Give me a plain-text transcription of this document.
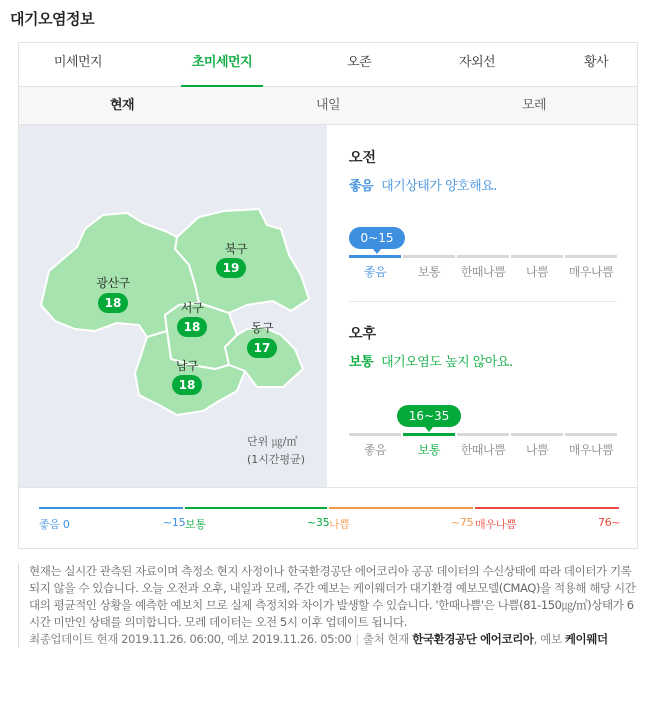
대기오염정보
미세먼지	초미세먼지	오존	자외선	황사
현재	내일	모레
북구
19
광산구
18	서구
18	동구
17
남구
18
단위 ㎍/㎥
(1시간평균)
오전
좋음 대기상태가 양호해요.
0~15
좋음	보통	한때나쁨	나쁨	매우나쁨
오후
보통 대기오염도 높지 않아요.
16~35
좋음	보통	한때나쁨	나쁨	매우나쁨
좋음 0	~15 보통	~35 나쁨	~75 매우나쁨	76~
현재는 실시간 관측된 자료이며 측정소 현지 사정이나 한국환경공단 에어코리아 공공 데이터의 수신상태에 따라 데이터가 기록되지 않을 수 있습니다. 오늘 오전과 오후, 내일과 모레, 주간 예보는 케이웨더가 대기환경 예보모델(CMAQ)을 적용해 해당 시간대의 평균적인 상황을 예측한 예보치 므로 실제 측정치와 차이가 발생할 수 있습니다. '한때나쁨'은 나쁨(81-150㎍/㎥)상태가 6시간 미만인 상태를 의미합니다. 모레 데이터는 오전 5시 이후 업데이트 됩니다.
최종업데이트 현재 2019.11.26. 06:00, 예보 2019.11.26. 05:00 | 출처 현재 한국환경공단 에어코리아, 예보 케이웨더
